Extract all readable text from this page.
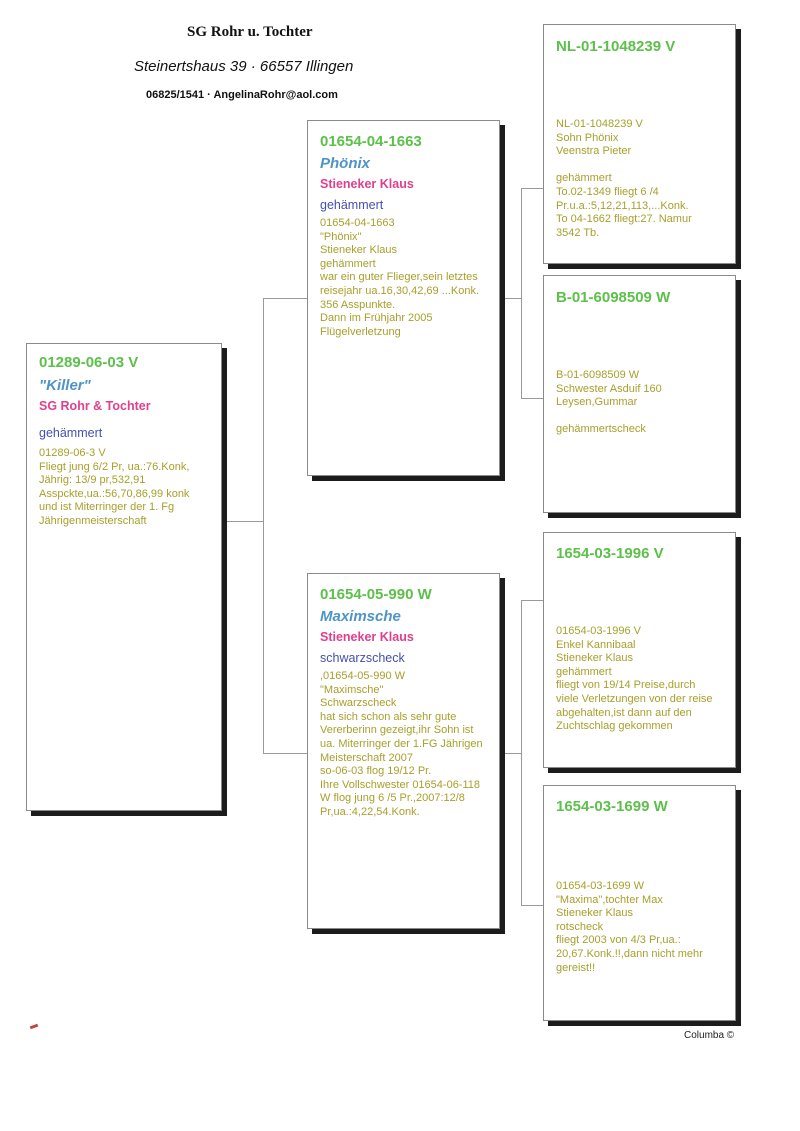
SG Rohr u. Tochter
Steinertshaus 39 · 66557 Illingen
06825/1541 · AngelinaRohr@aol.com
01289-06-03 V
"Killer"
SG Rohr & Tochter
gehämmert
01289-06-3 V
Fliegt jung 6/2 Pr, ua.:76.Konk,
Jährig: 13/9 pr,532,91
Asspckte,ua.:56,70,86,99 konk
und ist Miterringer der 1. Fg
Jährigenmeisterschaft
01654-04-1663
Phönix
Stieneker Klaus
gehämmert
01654-04-1663
"Phönix"
Stieneker Klaus
gehämmert
war ein guter Flieger,sein letztes
reisejahr ua.16,30,42,69 ...Konk.
356 Asspunkte.
Dann im Frühjahr 2005
Flügelverletzung
01654-05-990 W
Maximsche
Stieneker Klaus
schwarzscheck
,01654-05-990 W
"Maximsche"
Schwarzscheck
hat sich schon als sehr gute
Vererberinn gezeigt,ihr Sohn ist
ua. Miterringer der 1.FG Jährigen
Meisterschaft 2007
so-06-03 flog 19/12 Pr.
Ihre Vollschwester 01654-06-118
W flog jung 6 /5 Pr.,2007:12/8
Pr,ua.:4,22,54.Konk.
NL-01-1048239 V
NL-01-1048239 V
Sohn Phönix
Veenstra Pieter

gehämmert
To.02-1349 fliegt 6 /4
Pr.u.a.:5,12,21,113,...Konk.
To 04-1662 fliegt:27. Namur
3542 Tb.
B-01-6098509 W
B-01-6098509 W
Schwester Asduif 160
Leysen,Gummar

gehämmertscheck
1654-03-1996 V
01654-03-1996 V
Enkel Kannibaal
Stieneker Klaus
gehämmert
fliegt von 19/14 Preise,durch
viele Verletzungen von der reise
abgehalten,ist dann auf den
Zuchtschlag gekommen
1654-03-1699 W
01654-03-1699 W
"Maxima",tochter Max
Stieneker Klaus
rotscheck
fliegt 2003 von 4/3 Pr,ua.:
20,67.Konk.!!,dann nicht mehr
gereist!!
Columba ©
